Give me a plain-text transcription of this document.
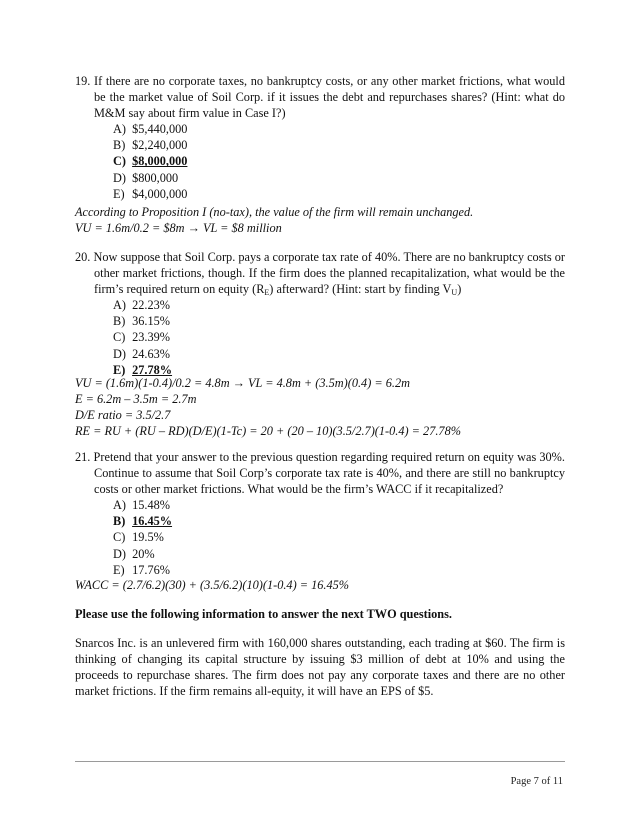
19. If there are no corporate taxes, no bankruptcy costs, or any other market frictions, what would be the market value of Soil Corp. if it issues the debt and repurchases shares? (Hint: what do M&M say about firm value in Case I?)
A) $5,440,000
B) $2,240,000
C) $8,000,000
D) $800,000
E) $4,000,000
According to Proposition I (no-tax), the value of the firm will remain unchanged.
VU = 1.6m/0.2 = $8m → VL = $8 million
20. Now suppose that Soil Corp. pays a corporate tax rate of 40%. There are no bankruptcy costs or other market frictions, though. If the firm does the planned recapitalization, what would be the firm’s required return on equity $(R_E)$ afterward? (Hint: start by finding $V_U$)
A) 22.23%
B) 36.15%
C) 23.39%
D) 24.63%
E) 27.78%
VU = (1.6m)(1-0.4)/0.2 = 4.8m → VL = 4.8m + (3.5m)(0.4) = 6.2m
E = 6.2m – 3.5m = 2.7m
D/E ratio = 3.5/2.7
RE = RU + (RU – RD)(D/E)(1-Tc) = 20 + (20 – 10)(3.5/2.7)(1-0.4) = 27.78%
21. Pretend that your answer to the previous question regarding required return on equity was 30%. Continue to assume that Soil Corp’s corporate tax rate is 40%, and there are still no bankruptcy costs or other market frictions. What would be the firm’s WACC if it recapitalized?
A) 15.48%
B) 16.45%
C) 19.5%
D) 20%
E) 17.76%
WACC = (2.7/6.2)(30) + (3.5/6.2)(10)(1-0.4) = 16.45%
Please use the following information to answer the next TWO questions.
Snarcos Inc. is an unlevered firm with 160,000 shares outstanding, each trading at $60. The firm is thinking of changing its capital structure by issuing $3 million of debt at 10% and using the proceeds to repurchase shares. The firm does not pay any corporate taxes and there are no other market frictions. If the firm remains all-equity, it will have an EPS of $5.
Page 7 of 11
